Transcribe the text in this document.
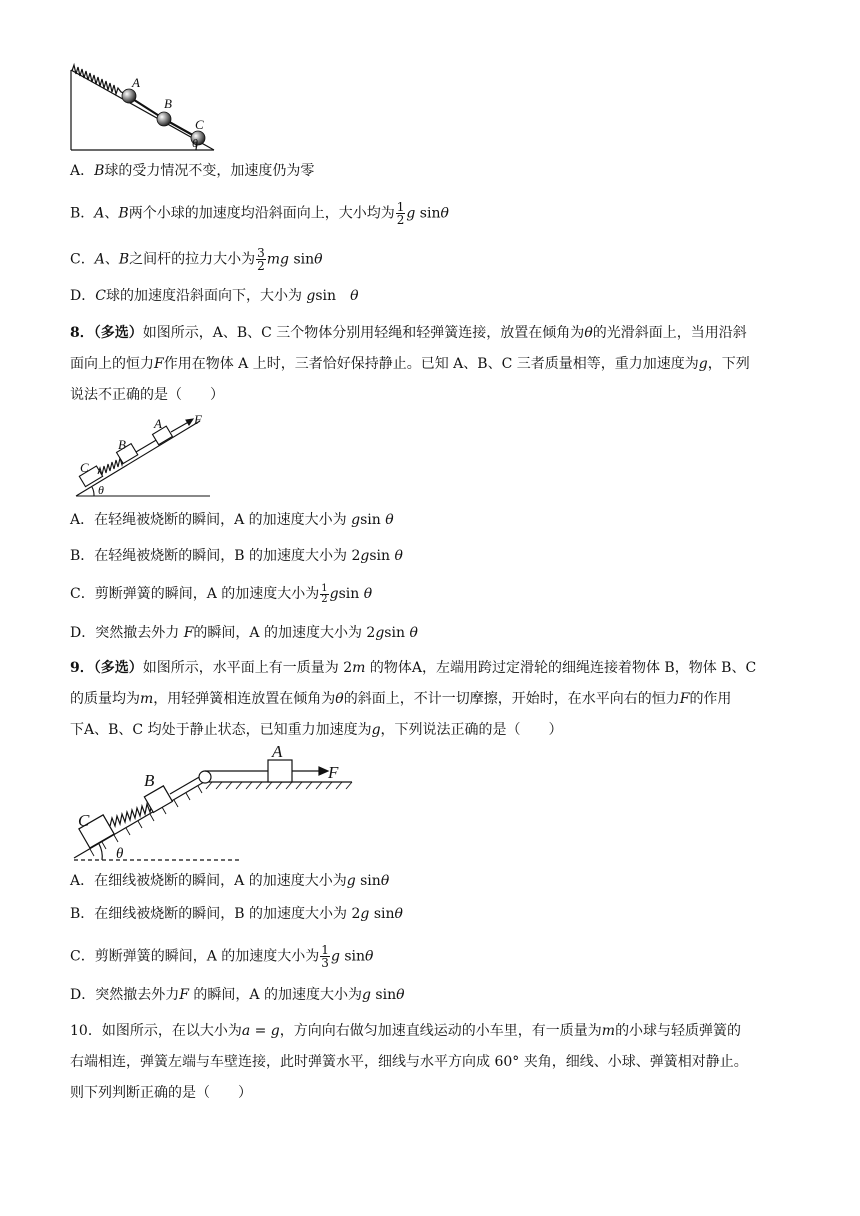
A
B
C
θ
A．B球的受力情况不变，加速度仍为零
B．A、B两个小球的加速度均沿斜面向上，大小均为 $\frac{1}{2}$ g sinθ
C．A、B之间杆的拉力大小为 $\frac{3}{2}$ mg sinθ
D．C球的加速度沿斜面向下，大小为 gsin　θ
8．（多选）如图所示，A、B、C 三个物体分别用轻绳和轻弹簧连接，放置在倾角为θ的光滑斜面上，当用沿斜
面向上的恒力F作用在物体 A 上时，三者恰好保持静止。已知 A、B、C 三者质量相等，重力加速度为g，下列
说法不正确的是（　　）
C
B
A F
θ
A．在轻绳被烧断的瞬间，A 的加速度大小为 gsin θ
B．在轻绳被烧断的瞬间，B 的加速度大小为 2gsin θ
C．剪断弹簧的瞬间，A 的加速度大小为 $\frac{1}{2}$ gsin θ
D．突然撤去外力 F的瞬间，A 的加速度大小为 2gsin θ
9．（多选）如图所示，水平面上有一质量为 2m 的物体A，左端用跨过定滑轮的细绳连接着物体 B，物体 B、C
的质量均为m，用轻弹簧相连放置在倾角为θ的斜面上，不计一切摩擦，开始时，在水平向右的恒力F的作用
下A、B、C 均处于静止状态，已知重力加速度为g，下列说法正确的是（　　）
C
B
A
F
θ
A．在细线被烧断的瞬间，A 的加速度大小为g sinθ
B．在细线被烧断的瞬间，B 的加速度大小为 2g sinθ
C．剪断弹簧的瞬间，A 的加速度大小为 $\frac{1}{3}$ g sinθ
D．突然撤去外力F 的瞬间，A 的加速度大小为g sinθ
10．如图所示，在以大小为a = g，方向向右做匀加速直线运动的小车里，有一质量为m的小球与轻质弹簧的
右端相连，弹簧左端与车壁连接，此时弹簧水平，细线与水平方向成 60° 夹角，细线、小球、弹簧相对静止。
则下列判断正确的是（　　）
